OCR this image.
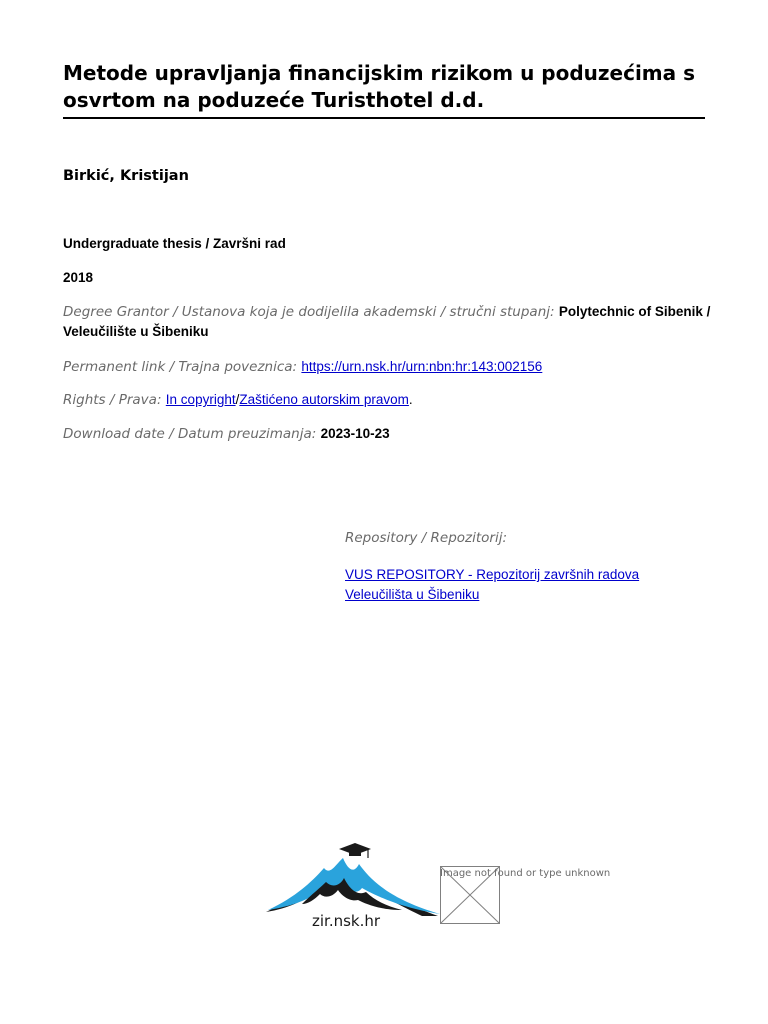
Metode upravljanja financijskim rizikom u poduzećima s osvrtom na poduzeće Turisthotel d.d.
Birkić, Kristijan
Undergraduate thesis / Završni rad
2018
Degree Grantor / Ustanova koja je dodijelila akademski / stručni stupanj: Polytechnic of Sibenik / Veleučilište u Šibeniku
Permanent link / Trajna poveznica: https://urn.nsk.hr/urn:nbn:hr:143:002156
Rights / Prava: In copyright/Zaštićeno autorskim pravom.
Download date / Datum preuzimanja: 2023-10-23
Repository / Repozitorij:
VUS REPOSITORY - Repozitorij završnih radova
Veleučilišta u Šibeniku
zir.nsk.hr
Image not found or type unknown
